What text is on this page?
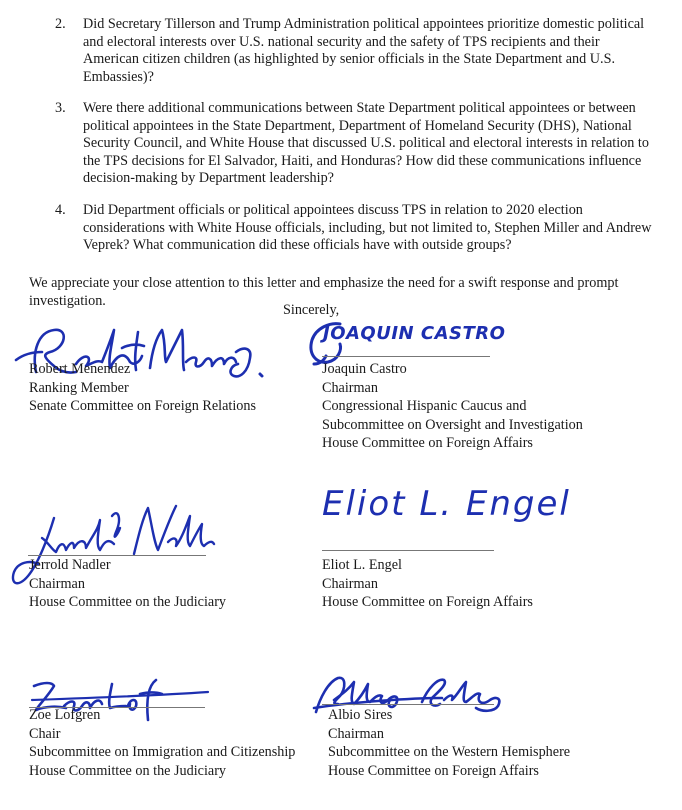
2. Did Secretary Tillerson and Trump Administration political appointees prioritize domestic political and electoral interests over U.S. national security and the safety of TPS recipients and their American citizen children (as highlighted by senior officials in the State Department and U.S. Embassies)?
3. Were there additional communications between State Department political appointees or between political appointees in the State Department, Department of Homeland Security (DHS), National Security Council, and White House that discussed U.S. political and electoral interests in relation to the TPS decisions for El Salvador, Haiti, and Honduras? How did these communications influence decision-making by Department leadership?
4. Did Department officials or political appointees discuss TPS in relation to 2020 election considerations with White House officials, including, but not limited to, Stephen Miller and Andrew Veprek? What communication did these officials have with outside groups?
We appreciate your close attention to this letter and emphasize the need for a swift response and prompt investigation.
Sincerely,
Robert Menendez
Ranking Member
Senate Committee on Foreign Relations
JOAQUIN CASTRO
Joaquin Castro
Chairman
Congressional Hispanic Caucus and
Subcommittee on Oversight and Investigation
House Committee on Foreign Affairs
Eliot L. Engel
Eliot L. Engel
Chairman
House Committee on Foreign Affairs
Jerrold Nadler
Chairman
House Committee on the Judiciary
Zoe Lofgren
Chair
Subcommittee on Immigration and Citizenship
House Committee on the Judiciary
Albio Sires
Chairman
Subcommittee on the Western Hemisphere
House Committee on Foreign Affairs
